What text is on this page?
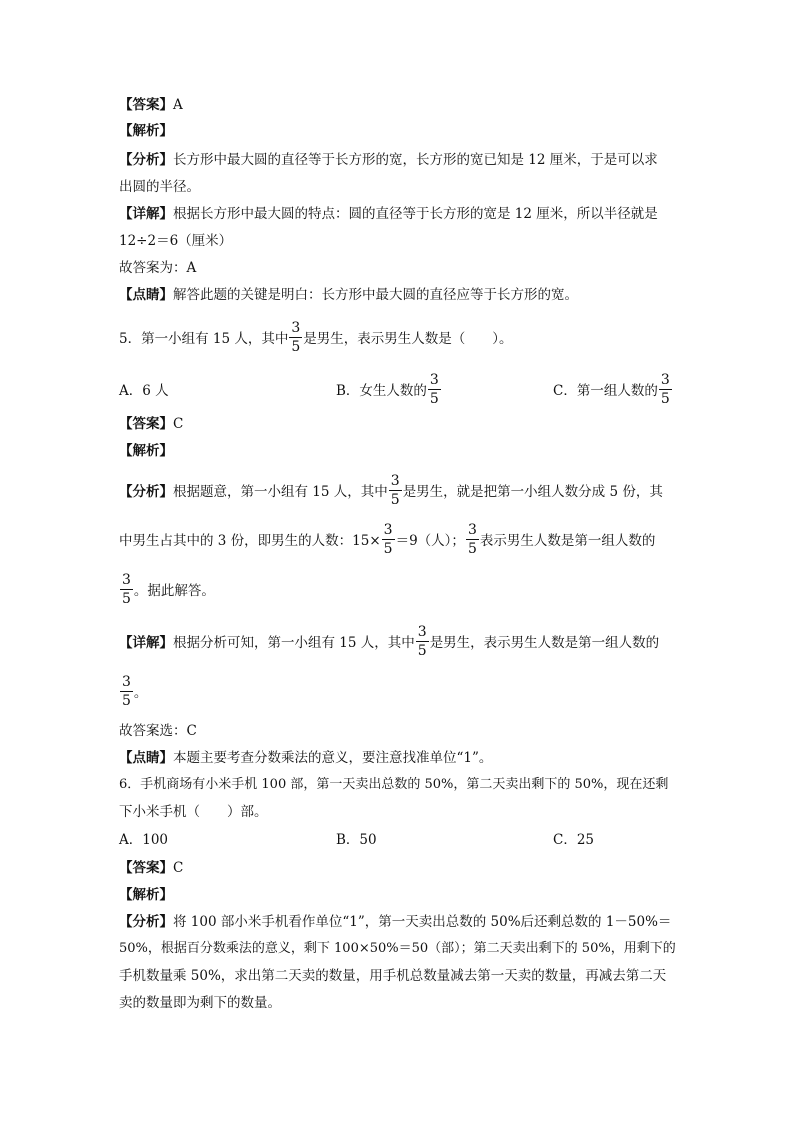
【答案】A
【解析】
【分析】长方形中最大圆的直径等于长方形的宽，长方形的宽已知是 12 厘米，于是可以求
出圆的半径。
【详解】根据长方形中最大圆的特点：圆的直径等于长方形的宽是 12 厘米，所以半径就是
12÷2＝6（厘米）
故答案为：A
【点睛】解答此题的关键是明白：长方形中最大圆的直径应等于长方形的宽。
5．第一小组有 15 人，其中 $\frac{3}{5}$ 是男生，表示男生人数是（　　）。
A．6 人	B．女生人数的 $\frac{3}{5}$	C．第一组人数的 $\frac{3}{5}$
【答案】C
【解析】
【分析】根据题意，第一小组有 15 人，其中 $\frac{3}{5}$ 是男生，就是把第一小组人数分成 5 份，其
中男生占其中的 3 份，即男生的人数：$15\times \frac{3}{5} =9$（人）； $\frac{3}{5}$ 表示男生人数是第一组人数的
$\frac{3}{5}$ 。据此解答。
【详解】根据分析可知，第一小组有 15 人，其中 $\frac{3}{5}$ 是男生，表示男生人数是第一组人数的
$\frac{3}{5}$ 。
故答案选：C
【点睛】本题主要考查分数乘法的意义，要注意找准单位“1”。
6．手机商场有小米手机 100 部，第一天卖出总数的 50%，第二天卖出剩下的 50%，现在还剩
下小米手机（　　）部。
A．100	B．50	C．25
【答案】C
【解析】
【分析】将 100 部小米手机看作单位“1”，第一天卖出总数的 50%后还剩总数的 1－50%＝
50%，根据百分数乘法的意义，剩下 100×50%＝50（部）；第二天卖出剩下的 50%，用剩下的
手机数量乘 50%，求出第二天卖的数量，用手机总数量减去第一天卖的数量，再减去第二天
卖的数量即为剩下的数量。
